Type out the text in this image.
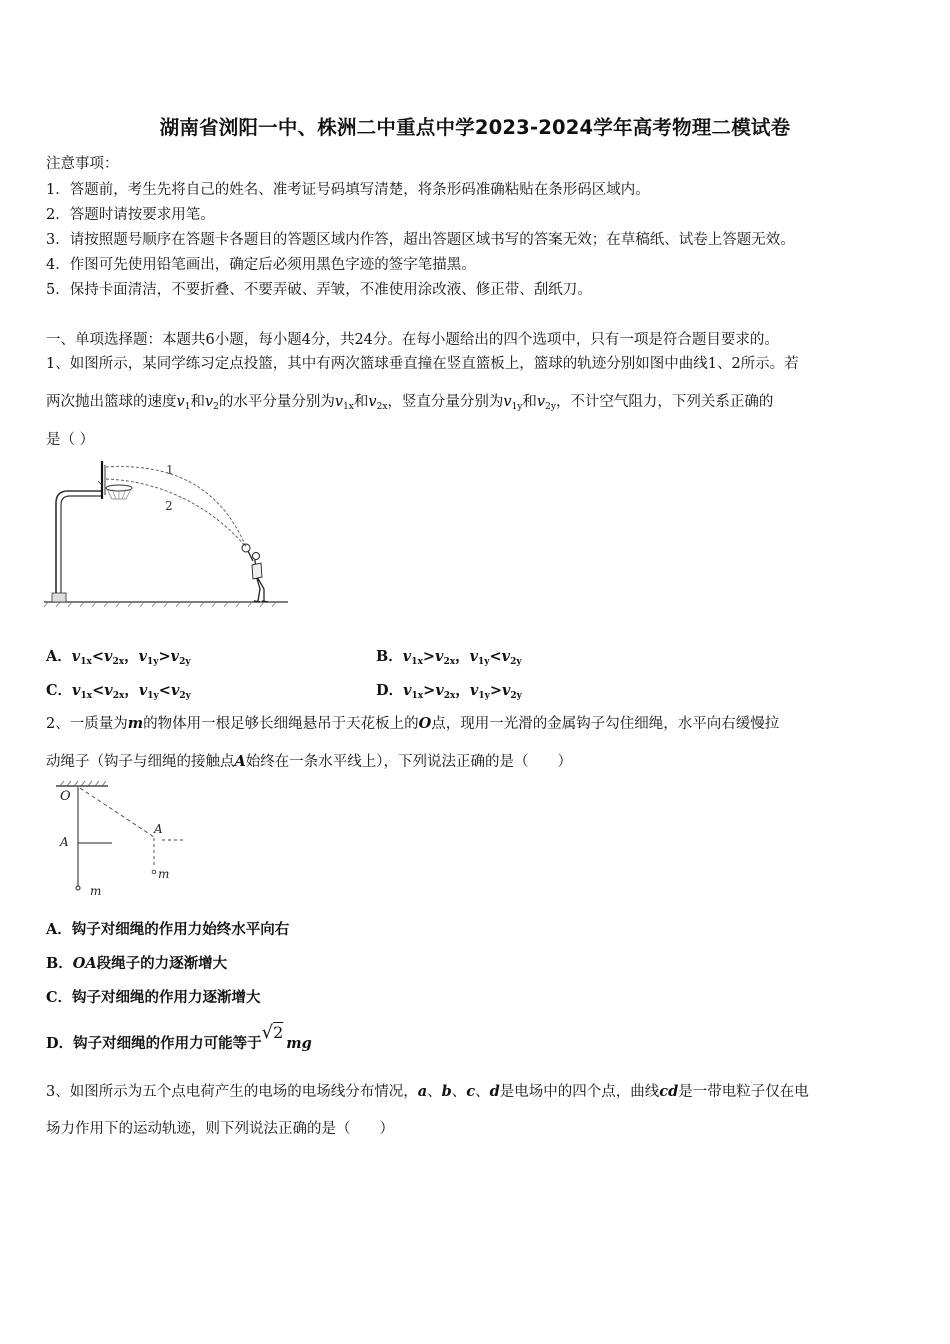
湖南省浏阳一中、株洲二中重点中学2023-2024学年高考物理二模试卷
注意事项：
1．答题前，考生先将自己的姓名、准考证号码填写清楚，将条形码准确粘贴在条形码区域内。
2．答题时请按要求用笔。
3．请按照题号顺序在答题卡各题目的答题区域内作答，超出答题区域书写的答案无效；在草稿纸、试卷上答题无效。
4．作图可先使用铅笔画出，确定后必须用黑色字迹的签字笔描黑。
5．保持卡面清洁，不要折叠、不要弄破、弄皱，不准使用涂改液、修正带、刮纸刀。
一、单项选择题：本题共6小题，每小题4分，共24分。在每小题给出的四个选项中，只有一项是符合题目要求的。
1、如图所示，某同学练习定点投篮，其中有两次篮球垂直撞在竖直篮板上，篮球的轨迹分别如图中曲线1、2所示。若
两次抛出篮球的速度$v_1$和$v_2$的水平分量分别为$v_{1x}$和$v_{2x}$，竖直分量分别为$v_{1y}$和$v_{2y}$，不计空气阻力，下列关系正确的
是（ ）
1
2
A．$v_{1x}<v_{2x}$，$v_{1y}>v_{2y}$	B．$v_{1x}>v_{2x}$，$v_{1y}<v_{2y}$
C．$v_{1x}<v_{2x}$，$v_{1y}<v_{2y}$	D．$v_{1x}>v_{2x}$，$v_{1y}>v_{2y}$
2、一质量为m的物体用一根足够长细绳悬吊于天花板上的O点，现用一光滑的金属钩子勾住细绳，水平向右缓慢拉
动绳子（钩子与细绳的接触点A始终在一条水平线上），下列说法正确的是（　　）
O
A
m
A
m
A．钩子对细绳的作用力始终水平向右
B．OA段绳子的力逐渐增大
C．钩子对细绳的作用力逐渐增大
D．钩子对细绳的作用力可能等于√2mg
3、如图所示为五个点电荷产生的电场的电场线分布情况，a、b、c、d是电场中的四个点，曲线cd是一带电粒子仅在电
场力作用下的运动轨迹，则下列说法正确的是（　　）
